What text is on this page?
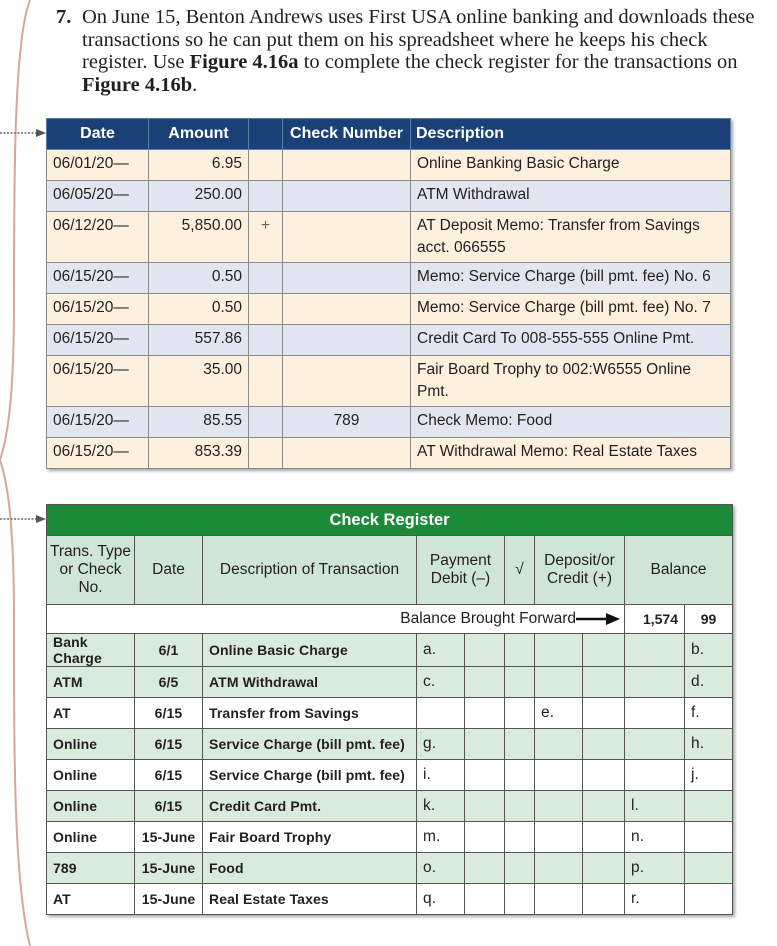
7. On June 15, Benton Andrews uses First USA online banking and downloads these transactions so he can put them on his spreadsheet where he keeps his check register. Use Figure 4.16a to complete the check register for the transactions on Figure 4.16b.
Date	Amount		Check Number	Description
06/01/20—	6.95			Online Banking Basic Charge
06/05/20—	250.00			ATM Withdrawal
06/12/20—	5,850.00	+		AT Deposit Memo: Transfer from Savings acct. 066555
06/15/20—	0.50			Memo: Service Charge (bill pmt. fee) No. 6
06/15/20—	0.50			Memo: Service Charge (bill pmt. fee) No. 7
06/15/20—	557.86			Credit Card To 008-555-555 Online Pmt.
06/15/20—	35.00			Fair Board Trophy to 002:W6555 Online Pmt.
06/15/20—	85.55		789	Check Memo: Food
06/15/20—	853.39			AT Withdrawal Memo: Real Estate Taxes
Check Register									
Trans. Type or Check No.	Date	Description of Transaction	Payment Debit (–)		√	Deposit/or Credit (+)		Balance	
Balance Brought Forward								1,574	99
Bank Charge	6/1	Online Basic Charge	a.						b.
ATM	6/5	ATM Withdrawal	c.						d.
AT	6/15	Transfer from Savings				e.			f.
Online	6/15	Service Charge (bill pmt. fee)	g.						h.
Online	6/15	Service Charge (bill pmt. fee)	i.						j.
Online	6/15	Credit Card Pmt.	k.					l.	
Online	15-June	Fair Board Trophy	m.					n.	
789	15-June	Food	o.					p.	
AT	15-June	Real Estate Taxes	q.					r.	
